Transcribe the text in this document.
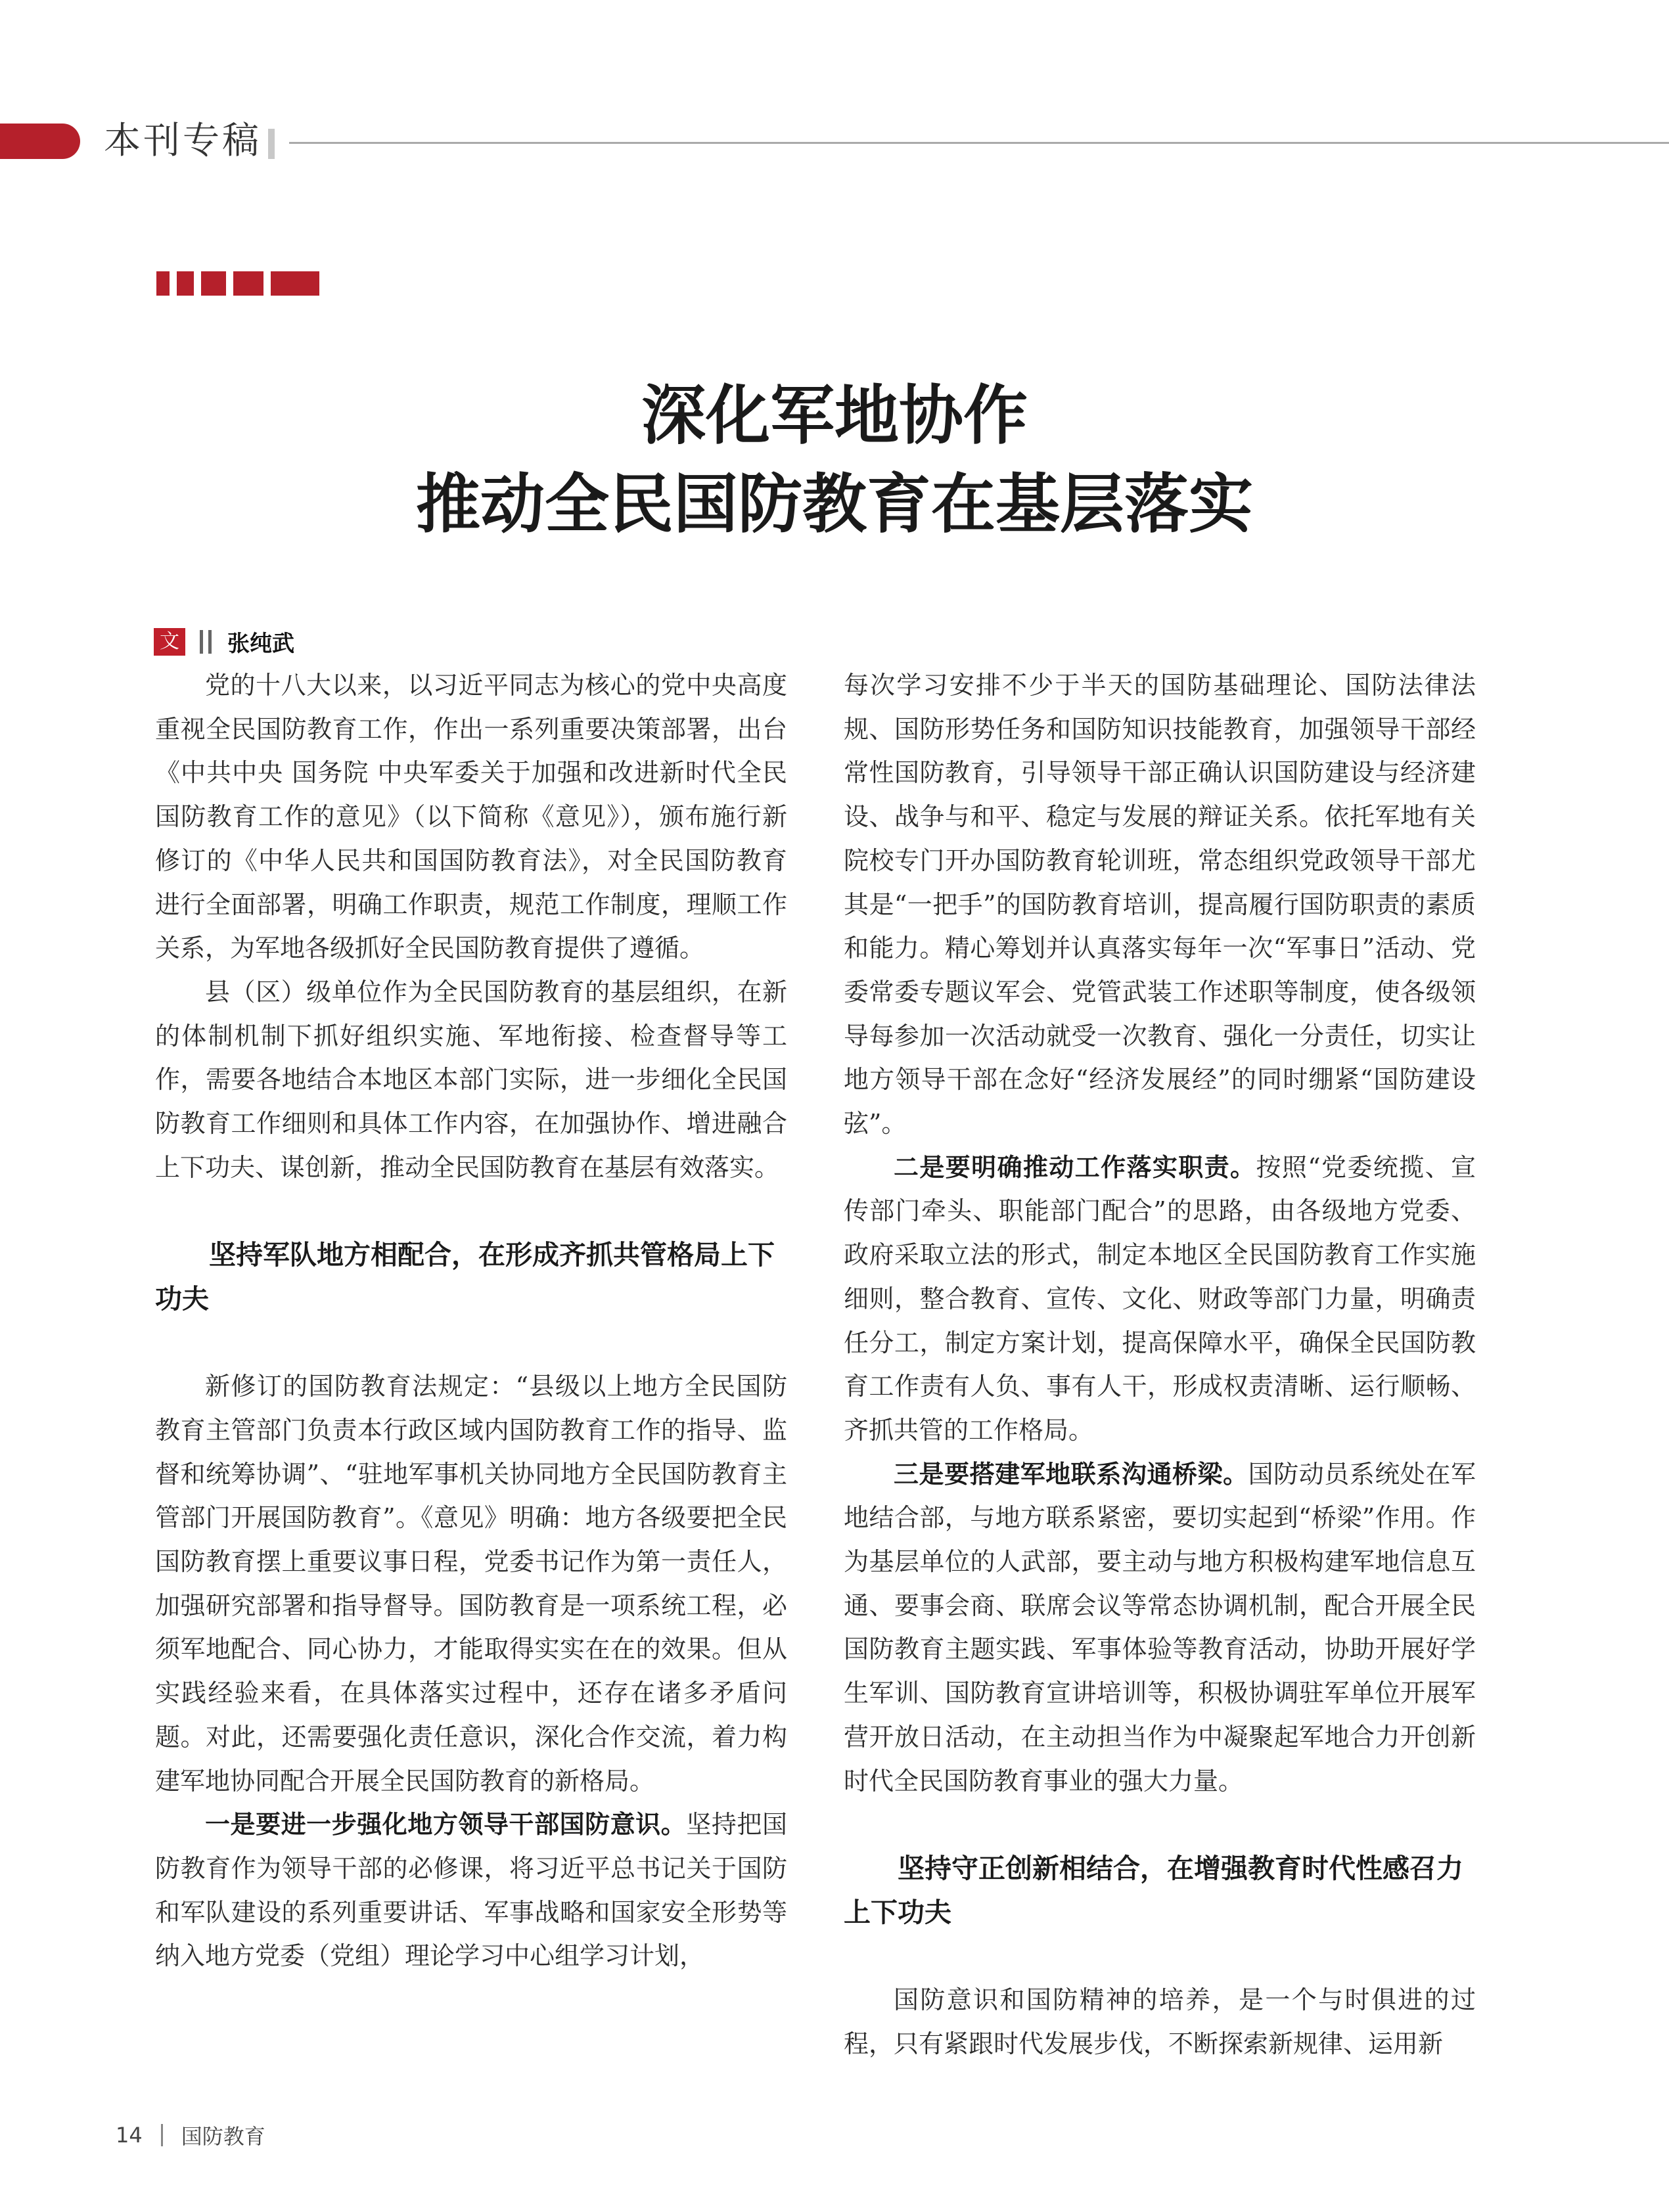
本刊专稿
深化军地协作
推动全民国防教育在基层落实
文 张纯武

党的十八大以来，以习近平同志为核心的党中央高度重视全民国防教育工作，作出一系列重要决策部署，出台《中共中央 国务院 中央军委关于加强和改进新时代全民国防教育工作的意见》（以下简称《意见》），颁布施行新修订的《中华人民共和国国防教育法》，对全民国防教育进行全面部署，明确工作职责，规范工作制度，理顺工作关系，为军地各级抓好全民国防教育提供了遵循。

县（区）级单位作为全民国防教育的基层组织，在新的体制机制下抓好组织实施、军地衔接、检查督导等工作，需要各地结合本地区本部门实际，进一步细化全民国防教育工作细则和具体工作内容，在加强协作、增进融合上下功夫、谋创新，推动全民国防教育在基层有效落实。

坚持军队地方相配合，在形成齐抓共管格局上下功夫

新修订的国防教育法规定：“县级以上地方全民国防教育主管部门负责本行政区域内国防教育工作的指导、监督和统筹协调”、“驻地军事机关协同地方全民国防教育主管部门开展国防教育”。《意见》明确：地方各级要把全民国防教育摆上重要议事日程，党委书记作为第一责任人，加强研究部署和指导督导。国防教育是一项系统工程，必须军地配合、同心协力，才能取得实实在在的效果。但从实践经验来看，在具体落实过程中，还存在诸多矛盾问题。对此，还需要强化责任意识，深化合作交流，着力构建军地协同配合开展全民国防教育的新格局。

一是要进一步强化地方领导干部国防意识。坚持把国防教育作为领导干部的必修课，将习近平总书记关于国防和军队建设的系列重要讲话、军事战略和国家安全形势等纳入地方党委（党组）理论学习中心组学习计划，

每次学习安排不少于半天的国防基础理论、国防法律法规、国防形势任务和国防知识技能教育，加强领导干部经常性国防教育，引导领导干部正确认识国防建设与经济建设、战争与和平、稳定与发展的辩证关系。依托军地有关院校专门开办国防教育轮训班，常态组织党政领导干部尤其是“一把手”的国防教育培训，提高履行国防职责的素质和能力。精心筹划并认真落实每年一次“军事日”活动、党委常委专题议军会、党管武装工作述职等制度，使各级领导每参加一次活动就受一次教育、强化一分责任，切实让地方领导干部在念好“经济发展经”的同时绷紧“国防建设弦”。

二是要明确推动工作落实职责。按照“党委统揽、宣传部门牵头、职能部门配合”的思路，由各级地方党委、政府采取立法的形式，制定本地区全民国防教育工作实施细则，整合教育、宣传、文化、财政等部门力量，明确责任分工，制定方案计划，提高保障水平，确保全民国防教育工作责有人负、事有人干，形成权责清晰、运行顺畅、齐抓共管的工作格局。

三是要搭建军地联系沟通桥梁。国防动员系统处在军地结合部，与地方联系紧密，要切实起到“桥梁”作用。作为基层单位的人武部，要主动与地方积极构建军地信息互通、要事会商、联席会议等常态协调机制，配合开展全民国防教育主题实践、军事体验等教育活动，协助开展好学生军训、国防教育宣讲培训等，积极协调驻军单位开展军营开放日活动，在主动担当作为中凝聚起军地合力开创新时代全民国防教育事业的强大力量。

坚持守正创新相结合，在增强教育时代性感召力上下功夫

国防意识和国防精神的培养，是一个与时俱进的过程，只有紧跟时代发展步伐，不断探索新规律、运用新

14 国防教育
